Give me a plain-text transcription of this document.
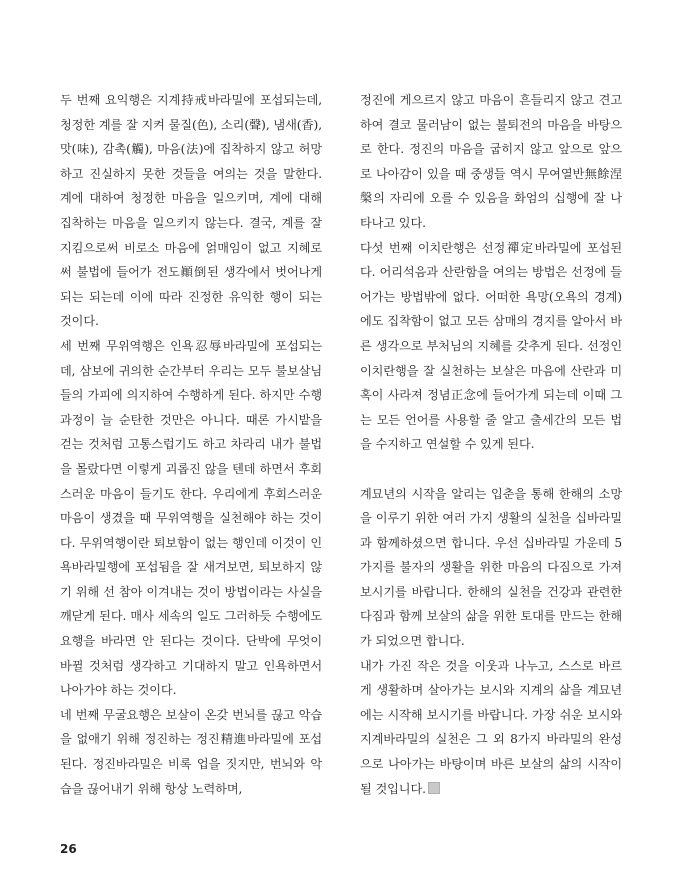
두 번째 요익행은 지계持戒바라밀에 포섭되는데, 청정한 계를 잘 지켜 물질(色), 소리(聲), 냄새(香), 맛(味), 감촉(觸), 마음(法)에 집착하지 않고 허망하고 진실하지 못한 것들을 여의는 것을 말한다. 계에 대하여 청정한 마음을 일으키며, 계에 대해 집착하는 마음을 일으키지 않는다. 결국, 계를 잘 지킴으로써 비로소 마음에 얽매임이 없고 지혜로써 불법에 들어가 전도顚倒된 생각에서 벗어나게 되는 되는데 이에 따라 진정한 유익한 행이 되는 것이다.

세 번째 무위역행은 인욕忍辱바라밀에 포섭되는데, 삼보에 귀의한 순간부터 우리는 모두 불보살님들의 가피에 의지하여 수행하게 된다. 하지만 수행 과정이 늘 순탄한 것만은 아니다. 때론 가시밭을 걷는 것처럼 고통스럽기도 하고 차라리 내가 불법을 몰랐다면 이렇게 괴롭진 않을 텐데 하면서 후회스러운 마음이 들기도 한다. 우리에게 후회스러운 마음이 생겼을 때 무위역행을 실천해야 하는 것이다. 무위역행이란 퇴보함이 없는 행인데 이것이 인욕바라밀행에 포섭됨을 잘 새겨보면, 퇴보하지 않기 위해 선 참아 이겨내는 것이 방법이라는 사실을 깨닫게 된다. 매사 세속의 일도 그러하듯 수행에도 요행을 바라면 안 된다는 것이다. 단박에 무엇이 바뀔 것처럼 생각하고 기대하지 말고 인욕하면서 나아가야 하는 것이다.

네 번째 무굴요행은 보살이 온갖 번뇌를 끊고 악습을 없애기 위해 정진하는 정진精進바라밀에 포섭된다. 정진바라밀은 비록 업을 짓지만, 번뇌와 악습을 끊어내기 위해 항상 노력하며,

정진에 게으르지 않고 마음이 흔들리지 않고 견고하여 결코 물러남이 없는 불퇴전의 마음을 바탕으로 한다. 정진의 마음을 굽히지 않고 앞으로 앞으로 나아감이 있을 때 중생들 역시 무여열반無餘涅槃의 자리에 오를 수 있음을 화엄의 십행에 잘 나타나고 있다.

다섯 번째 이치란행은 선정禪定바라밀에 포섭된다. 어리석음과 산란함을 여의는 방법은 선정에 들어가는 방법밖에 없다. 어떠한 욕망(오욕의 경계)에도 집착함이 없고 모든 삼매의 경지를 알아서 바른 생각으로 부처님의 지혜를 갖추게 된다. 선정인 이치란행을 잘 실천하는 보살은 마음에 산란과 미혹이 사라져 정념正念에 들어가게 되는데 이때 그는 모든 언어를 사용할 줄 알고 출세간의 모든 법을 수지하고 연설할 수 있게 된다.

계묘년의 시작을 알리는 입춘을 통해 한해의 소망을 이루기 위한 여러 가지 생활의 실천을 십바라밀과 함께하셨으면 합니다. 우선 십바라밀 가운데 5가지를 불자의 생활을 위한 마음의 다짐으로 가져보시기를 바랍니다. 한해의 실천을 건강과 관련한 다짐과 함께 보살의 삶을 위한 토대를 만드는 한해가 되었으면 합니다.

내가 가진 작은 것을 이웃과 나누고, 스스로 바르게 생활하며 살아가는 보시와 지계의 삶을 계묘년에는 시작해 보시기를 바랍니다. 가장 쉬운 보시와 지계바라밀의 실천은 그 외 8가지 바라밀의 완성으로 나아가는 바탕이며 바른 보살의 삶의 시작이 될 것입니다.

26
